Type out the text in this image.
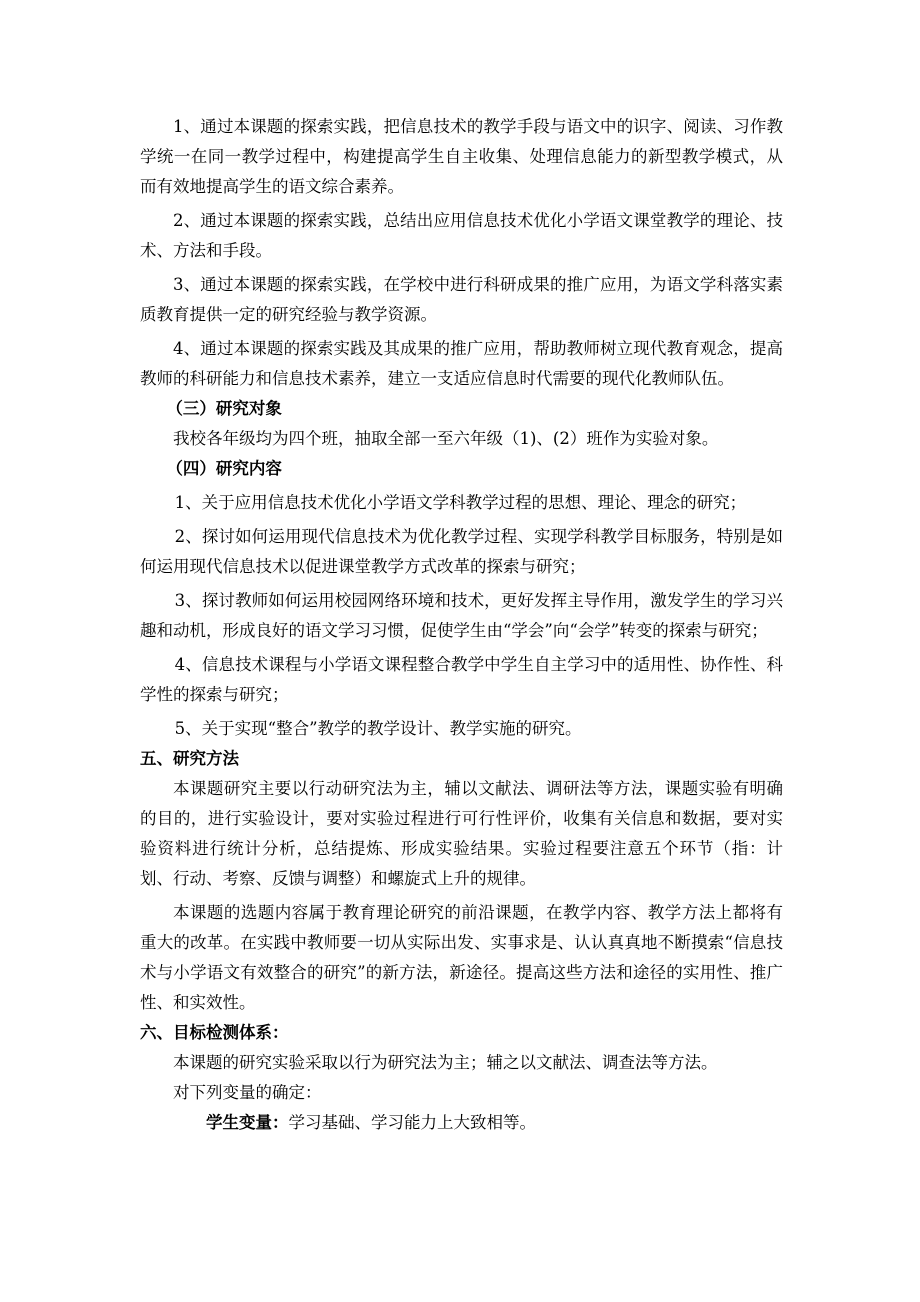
1、通过本课题的探索实践，把信息技术的教学手段与语文中的识字、阅读、习作教学统一在同一教学过程中，构建提高学生自主收集、处理信息能力的新型教学模式，从而有效地提高学生的语文综合素养。

2、通过本课题的探索实践，总结出应用信息技术优化小学语文课堂教学的理论、技术、方法和手段。

3、通过本课题的探索实践，在学校中进行科研成果的推广应用，为语文学科落实素质教育提供一定的研究经验与教学资源。

4、通过本课题的探索实践及其成果的推广应用，帮助教师树立现代教育观念，提高教师的科研能力和信息技术素养，建立一支适应信息时代需要的现代化教师队伍。

（三）研究对象

我校各年级均为四个班，抽取全部一至六年级（1)、(2）班作为实验对象。

（四）研究内容

1、关于应用信息技术优化小学语文学科教学过程的思想、理论、理念的研究；

2、探讨如何运用现代信息技术为优化教学过程、实现学科教学目标服务，特别是如何运用现代信息技术以促进课堂教学方式改革的探索与研究；

3、探讨教师如何运用校园网络环境和技术，更好发挥主导作用，激发学生的学习兴趣和动机，形成良好的语文学习习惯，促使学生由“学会”向“会学”转变的探索与研究；

4、信息技术课程与小学语文课程整合教学中学生自主学习中的适用性、协作性、科学性的探索与研究；

5、关于实现“整合”教学的教学设计、教学实施的研究。

五、研究方法

本课题研究主要以行动研究法为主，辅以文献法、调研法等方法，课题实验有明确的目的，进行实验设计，要对实验过程进行可行性评价，收集有关信息和数据，要对实验资料进行统计分析，总结提炼、形成实验结果。实验过程要注意五个环节（指：计划、行动、考察、反馈与调整）和螺旋式上升的规律。

本课题的选题内容属于教育理论研究的前沿课题，在教学内容、教学方法上都将有重大的改革。在实践中教师要一切从实际出发、实事求是、认认真真地不断摸索“信息技术与小学语文有效整合的研究”的新方法，新途径。提高这些方法和途径的实用性、推广性、和实效性。

六、目标检测体系：

本课题的研究实验采取以行为研究法为主；辅之以文献法、调查法等方法。

对下列变量的确定：

学生变量：学习基础、学习能力上大致相等。
